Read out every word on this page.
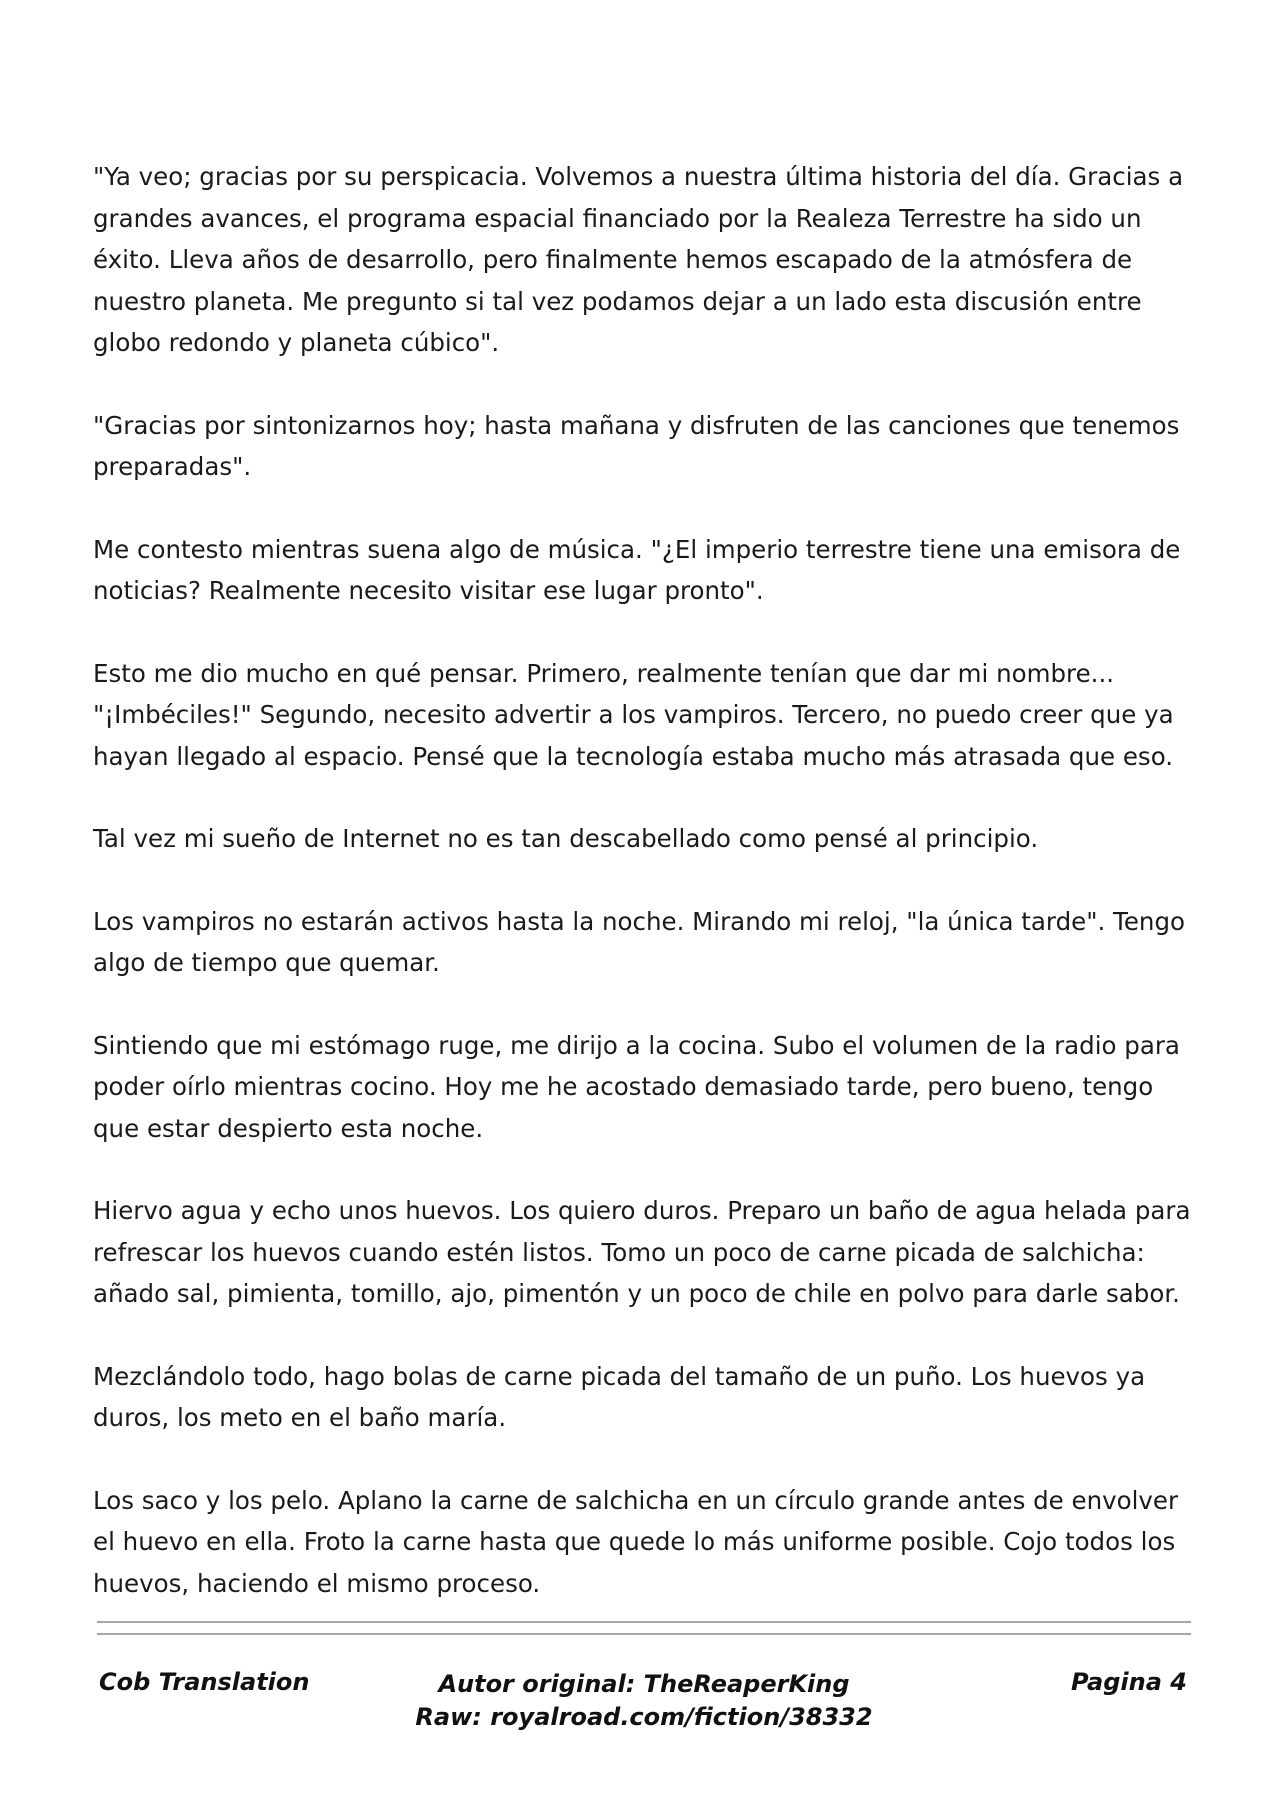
"Ya veo; gracias por su perspicacia. Volvemos a nuestra última historia del día. Gracias a grandes avances, el programa espacial financiado por la Realeza Terrestre ha sido un éxito. Lleva años de desarrollo, pero finalmente hemos escapado de la atmósfera de nuestro planeta. Me pregunto si tal vez podamos dejar a un lado esta discusión entre globo redondo y planeta cúbico".

"Gracias por sintonizarnos hoy; hasta mañana y disfruten de las canciones que tenemos preparadas".

Me contesto mientras suena algo de música. "¿El imperio terrestre tiene una emisora de noticias? Realmente necesito visitar ese lugar pronto".

Esto me dio mucho en qué pensar. Primero, realmente tenían que dar mi nombre... "¡Imbéciles!" Segundo, necesito advertir a los vampiros. Tercero, no puedo creer que ya hayan llegado al espacio. Pensé que la tecnología estaba mucho más atrasada que eso.

Tal vez mi sueño de Internet no es tan descabellado como pensé al principio.

Los vampiros no estarán activos hasta la noche. Mirando mi reloj, "la única tarde". Tengo algo de tiempo que quemar.

Sintiendo que mi estómago ruge, me dirijo a la cocina. Subo el volumen de la radio para poder oírlo mientras cocino. Hoy me he acostado demasiado tarde, pero bueno, tengo que estar despierto esta noche.

Hiervo agua y echo unos huevos. Los quiero duros. Preparo un baño de agua helada para refrescar los huevos cuando estén listos. Tomo un poco de carne picada de salchicha: añado sal, pimienta, tomillo, ajo, pimentón y un poco de chile en polvo para darle sabor.

Mezclándolo todo, hago bolas de carne picada del tamaño de un puño. Los huevos ya duros, los meto en el baño maría.

Los saco y los pelo. Aplano la carne de salchicha en un círculo grande antes de envolver el huevo en ella. Froto la carne hasta que quede lo más uniforme posible. Cojo todos los huevos, haciendo el mismo proceso.

Cob Translation	Autor original: TheReaperKing
Raw: royalroad.com/fiction/38332
Pagina 4
